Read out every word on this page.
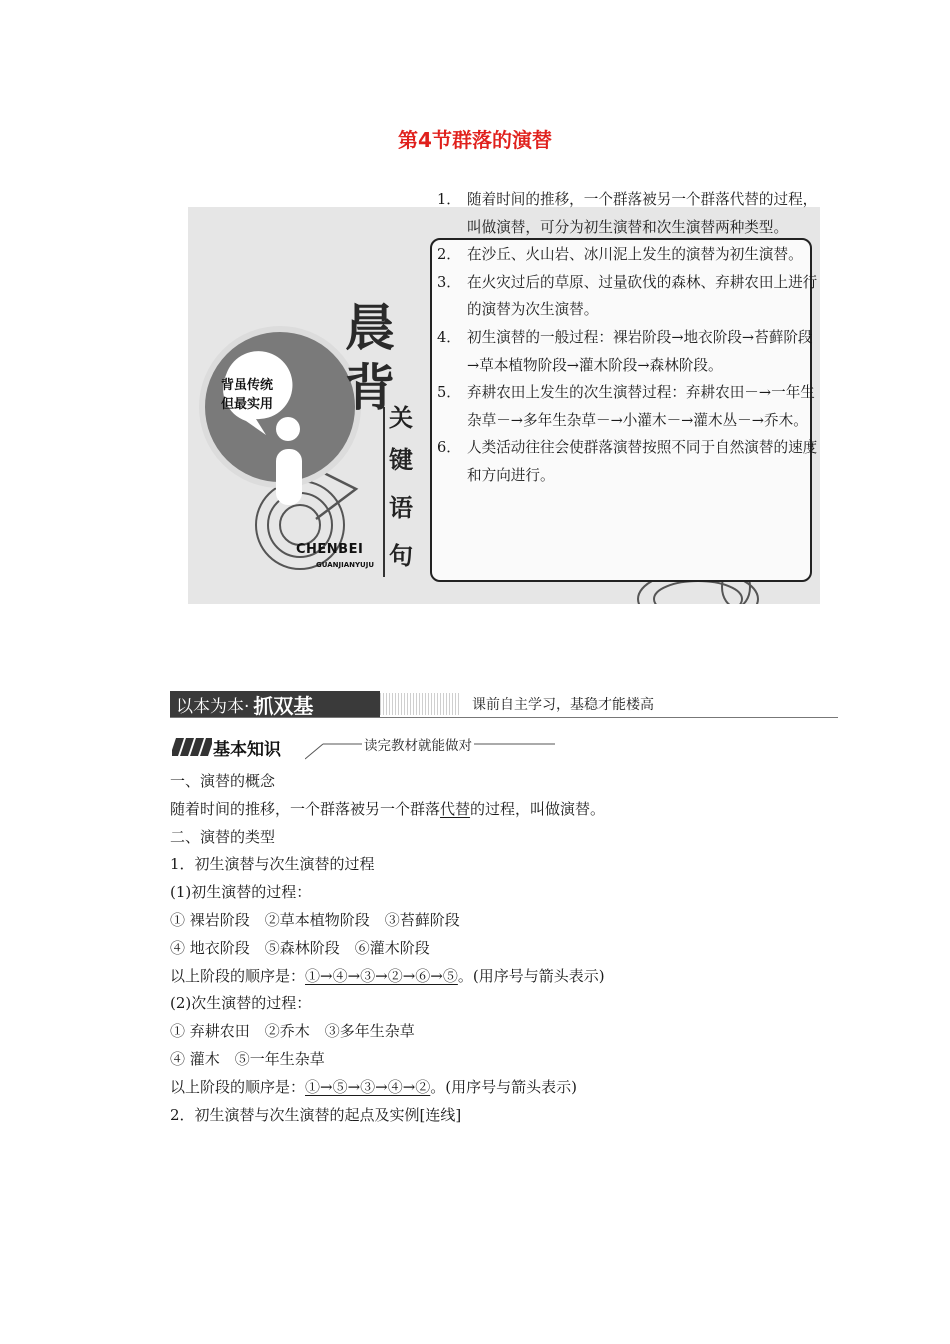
第4节群落的演替
晨
背
关
键
语
句
背虽传统
但最实用
CHENBEI
GUANJIANYUJU
1． 随着时间的推移，一个群落被另一个群落代替的过程，叫做演替，可分为初生演替和次生演替两种类型。
2． 在沙丘、火山岩、冰川泥上发生的演替为初生演替。
3． 在火灾过后的草原、过量砍伐的森林、弃耕农田上进行的演替为次生演替。
4． 初生演替的一般过程：裸岩阶段→地衣阶段→苔藓阶段→草本植物阶段→灌木阶段→森林阶段。
5． 弃耕农田上发生的次生演替过程：弃耕农田－→一年生杂草－→多年生杂草－→小灌木－→灌木丛－→乔木。
6． 人类活动往往会使群落演替按照不同于自然演替的速度和方向进行。
以本为本· 抓双基	课前自主学习，基稳才能楼高
基本知识	读完教材就能做对
一、演替的概念
随着时间的推移，一个群落被另一个群落代替的过程，叫做演替。
二、演替的类型
1．初生演替与次生演替的过程
(1)初生演替的过程：
① 裸岩阶段　②草本植物阶段　③苔藓阶段
④ 地衣阶段　⑤森林阶段　⑥灌木阶段
以上阶段的顺序是：①→④→③→②→⑥→⑤。(用序号与箭头表示)
(2)次生演替的过程：
① 弃耕农田　②乔木　③多年生杂草
④ 灌木　⑤一年生杂草
以上阶段的顺序是：①→⑤→③→④→②。(用序号与箭头表示)
2．初生演替与次生演替的起点及实例[连线]
